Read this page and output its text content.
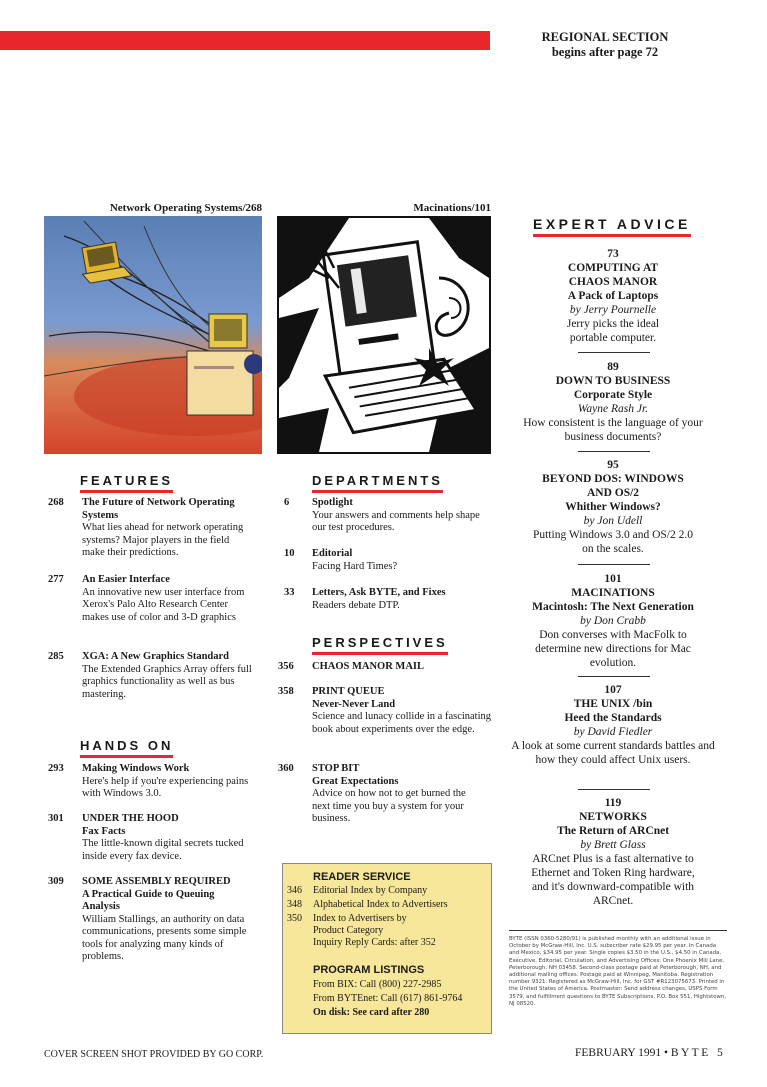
REGIONAL SECTION
begins after page 72
Network Operating Systems/268	Macinations/101
FEATURES
268 The Future of Network Operating Systems
What lies ahead for network operating systems? Major players in the field make their predictions.
277 An Easier Interface
An innovative new user interface from Xerox's Palo Alto Research Center makes use of color and 3-D graphics
285 XGA: A New Graphics Standard
The Extended Graphics Array offers full graphics functionality as well as bus mastering.
HANDS ON
293 Making Windows Work
Here's help if you're experiencing pains with Windows 3.0.
301 UNDER THE HOOD
Fax Facts
The little-known digital secrets tucked inside every fax device.
309 SOME ASSEMBLY REQUIRED
A Practical Guide to Queuing Analysis
William Stallings, an authority on data communications, presents some simple tools for analyzing many kinds of problems.
DEPARTMENTS
6 Spotlight
Your answers and comments help shape our test procedures.
10 Editorial
Facing Hard Times?
33 Letters, Ask BYTE, and Fixes
Readers debate DTP.
PERSPECTIVES
356 CHAOS MANOR MAIL
358 PRINT QUEUE
Never-Never Land
Science and lunacy collide in a fascinating book about experiments over the edge.
360 STOP BIT
Great Expectations
Advice on how not to get burned the next time you buy a system for your business.
READER SERVICE
346 Editorial Index by Company
348 Alphabetical Index to Advertisers
350 Index to Advertisers by Product Category
Inquiry Reply Cards: after 352
PROGRAM LISTINGS
From BIX: Call (800) 227-2985
From BYTEnet: Call (617) 861-9764
On disk: See card after 280
EXPERT ADVICE
73
COMPUTING AT CHAOS MANOR
A Pack of Laptops
by Jerry Pournelle
Jerry picks the ideal portable computer.
89
DOWN TO BUSINESS
Corporate Style
Wayne Rash Jr.
How consistent is the language of your business documents?
95
BEYOND DOS: WINDOWS AND OS/2
Whither Windows?
by Jon Udell
Putting Windows 3.0 and OS/2 2.0 on the scales.
101
MACINATIONS
Macintosh: The Next Generation
by Don Crabb
Don converses with MacFolk to determine new directions for Mac evolution.
107
THE UNIX /bin
Heed the Standards
by David Fiedler
A look at some current standards battles and how they could affect Unix users.
119
NETWORKS
The Return of ARCnet
by Brett Glass
ARCnet Plus is a fast alternative to Ethernet and Token Ring hardware, and it's downward-compatible with ARCnet.
BYTE (ISSN 0360-5280/91) is published monthly with an additional issue in October by McGraw-Hill, Inc. U.S. subscriber rate $29.95 per year. In Canada and Mexico, $34.95 per year. Single copies $3.50 in the U.S., $4.50 in Canada. Executive, Editorial, Circulation, and Advertising Offices: One Phoenix Mill Lane, Peterborough, NH 03458. Second-class postage paid at Peterborough, NH, and additional mailing offices. Postage paid at Winnipeg, Manitoba. Registration number 9321. Registered as McGraw-Hill, Inc. for GST #R123075673. Printed in the United States of America. Postmaster: Send address changes, USPS Form 3579, and fulfillment questions to BYTE Subscriptions, P.O. Box 551, Hightstown, NJ 08520.
COVER SCREEN SHOT PROVIDED BY GO CORP.	FEBRUARY 1991 • B Y T E   5
